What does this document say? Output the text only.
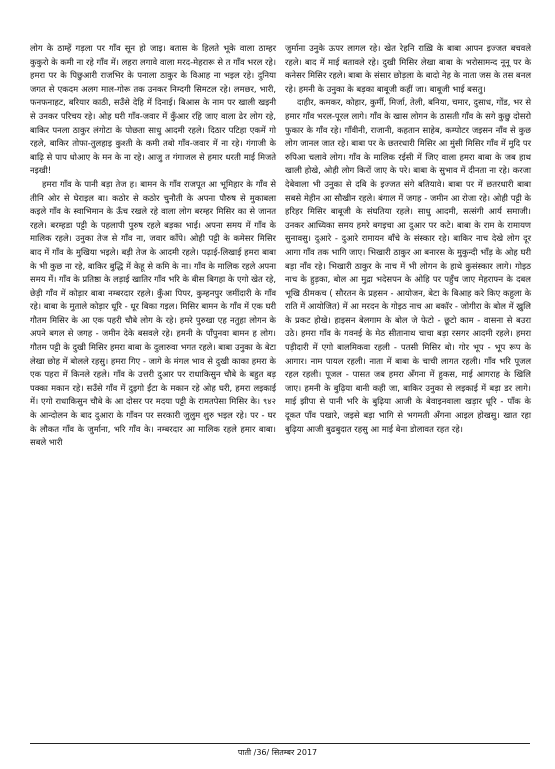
लोग के ठाम्हें गड़ला पर गाँव सून हो जाइ। बतास के हिलते भूके वाला ठाम्हर कुकुरो के कमी ना रहे गाँव में। लहरा लगावे वाला मरद-मेहरारू से त गाँव भरल रहे। हमरा पर के पिछुआरी राजभिर के पनाला ठाकुर के विआह ना भइल रहे। दुनिया जगत से एकदम अलग माल-गोरू तक उनकर निम्दगी सिमटल रहे। लमछर, भारी, फनफनाहट, बरियार काठी, सउँसे देहि में दिनाई। बिआस के नाम पर खाली खइनी से उनकर परिचय रहे। ओह घरी गाँव-जवार में कुँआर रहि जाए वाला ढेर लोग रहे, बाकिर पनला ठाकुर लंगोटा के पोछता साधु आदमी रहले। दिठार पटिहा एकमें गो रहले, बाकिर तोफा-तुलहाइ कुश्ती के कमी तबो गाँव-जवार में ना रहे। गंगाजी के बाढ़ि से पाप धोआए के मन के ना रहे। आजु त गंगाजल से हमार धरती माई मिजते नइखी!

हमरा गाँव के पानी बड़ा तेज ह। बामन के गाँव राजपूत आ भूमिहार के गाँव से तीनि ओर से घेराइल बा। कठोर से कठोर चुनौती के अपना पौरुष से मुकाबला कइले गाँव के स्वाभिमान के ऊँच रखले रहे वाला लोग बरम्हर मिसिर का से जानत रहले। बरम्हडा पट्टी के पहलापी पुरुष रहले बड़का भाई। अपना समय में गाँव के मालिक रहले। उनुका तेज से गाँव ना, जवार काँपे। ओही पट्टी के कमेसर मिसिर बाद में गाँव के मुखिया भइले। बड़ी तेज के आदमी रहले। पढ़ाई-लिखाई हमरा बाबा के भी कुछ ना रहे, बाकिर बुद्धि में केहू से कमि के ना। गाँव के मालिक रहले अपना समय में। गाँव के प्रतिष्ठा के लड़ाई खातिर गाँव भरि के बीस बिगहा के एगो खेत रहे, छेड़ी गाँव में कोड़ार बाबा नम्बरदार रहले। कुँआ पिपर, कुम्हनपुर जमींदारी के गाँव रहे। बाबा के मुताले कोड़ार धूरि - धूर बिका गइल। मिसिर बामन के गाँव में एक घरी गौतम मिसिर के आ एक पहरी चौबे लोग के रहे। हमरे पुरुखा एह नतुहा लोगन के अपने बगल से जगह - जमीन देके बसवले रहे। हमनी के पाँपुनवा बामन ह लोग। गौतम पट्टी के दुखी मिसिर हमरा बाबा के दुलारुवा भगत रहले। बाबा उनुका के बेटा लेखा छोह में बोलले रहसु। हमरा गिए - जागे के मंगल भाव से दुखी काका हमरा के एक पहरा में किनले रहले। गाँव के उत्तरी दुआर पर राधाकिसुन चौबे के बहुत बड़ पक्का मकान रहे। सउँसे गाँव में दुइगो ईंटा के मकान रहे ओह घरी, हमरा लइकाई में। एगो राधाकिसुन चौबे के आ दोसर पर मदया पट्टी के रामतपेसा मिसिर के। ९४२ के आन्दोलन के बाद दुआरा के गाँवन पर सरकारी जुलुम शुरु भइल रहे। पर - घर के लौकत गाँव के जुर्माना, भरि गाँव के। नम्बरदार आ मालिक रहले हमार बाबा। सबले भारी

जुर्माना उनुके ऊपर लागल रहे। खेत रेहनि राख़ि के बाबा आपन इज्जत बचवले रहले। बाद में माई बतावले रहे। दुखी मिसिर लेखा बाबा के भरोसामन्द नूनू पर के कनेसर मिसिर रहले। बाबा के संसार छोड़ला के बादो नेह के नाता जस के तस बनल रहे। हमनी के उनुका के बड़का बाबूजी कहीं जा। बाबूजी भाई बसतु।

दाहीर, कमकर, कोहार, कुर्मी, मिर्जा, तेली, बनिया, चमार, दुसाध, गोंड, भर से हमार गाँव भरल-पूरल लागे। गाँव के खास लोगन के ठासती गाँव के सगे कुछु दोसरो फुकार के गाँव रहे। गाँवीनी, राजानी, कहतान साहेब, कम्पोटर जइसन नाँव से कुछ लोग जानल जात रहे। बाबा पर के छतरधारी मिसिर आ मुंसी मिसिर गाँव में मुदि पर रुपिआ चलावे लोग। गाँव के मालिक रईसी में जिए वाला हमरा बाबा के जब हाथ खाली होखे, ओही लोग किरों जाए के परे। बाबा के सुभाव में दीनता ना रहे। करजा देबेवाला भी उनुका से दबि के इज्जत संगे बतियावे। बाबा पर में छतरधारी बाबा सबसे मेहीन आ सौखीन रहले। बंगाल में जगह - जमीन आ रोजा रहे। ओही पट्टी के हरिहर मिसिर बाबूजी के संघतिया रहले। साधु आदमी, सत्संगी आर्य समाजी। उनकर आध्यिका समय हमरे बगइचा आ दुआर पर कटे। बाबा के राम के रामायण सुनावसु। दुआरे - दुआरे रामायन बाँचे के संस्कार रहे। बाकिर नाच देखे लोग दूर आगा गाँव तक भागि जाए। भिखारी ठाकुर आ बनारस के मुकुन्दी भाँड़ के ओह घरी बड़ा नाँव रहे। भिखारी ठाकुर के नाच में भी लोगन के हाथे कुसंस्कार लागे। गोइठ नाच के हुड़का, बोल आ मुद्रा भदेसपन के ओहि पर पहुँच जाए मेहराफ्न के दबल भूखि ठीमकच ( सौरतन के प्रहसन - आयोजन, बेटा के बिआह करे किए कहुला के राति में आयोजित) में आ मरदन के गोइठ नाच आ बकॉर - जोगीरा के बोल में ख्रुलि के प्रकट होखे। हाइसन बेलगाम के बोल जे फेटो - छूटो काम - वासना से बउरा उठे। हमरा गाँव के गवनई के मेठ सीतानाथ चाचा बड़ा रसगर आदमी रहले। हमरा पड़ीदारी में एगो बालमिकवा रहली - पतसी मिसिर बो। गोर भूप - भूप रूप के आगार। नाम पायल रहली। नाता में बाबा के चाची लागत रहली। गाँव भरि पूजल रहल रहली। पूजल - पासत जब हमरा अँगना में हुकस, माई आगराह के खिलि जाए। हमनी के बुढ़िया बानी कही जा, बाकिर उनुका से लइकाई में बड़ा डर लागे। माई झीपा से पानी भरि के बुढ़िया आजी के बेवाइनवाला खड़ार धूरि - पाँक के दूकत पाँव पखारे, जइसे बड़ा भागि से भगमती अँगना आइल होखसु। खात रहा बुढ़िया आजी बुढबुदात रहसु आ माई बेना डोलावत रहत रहे।

पाती /36/ सितम्बर 2017
